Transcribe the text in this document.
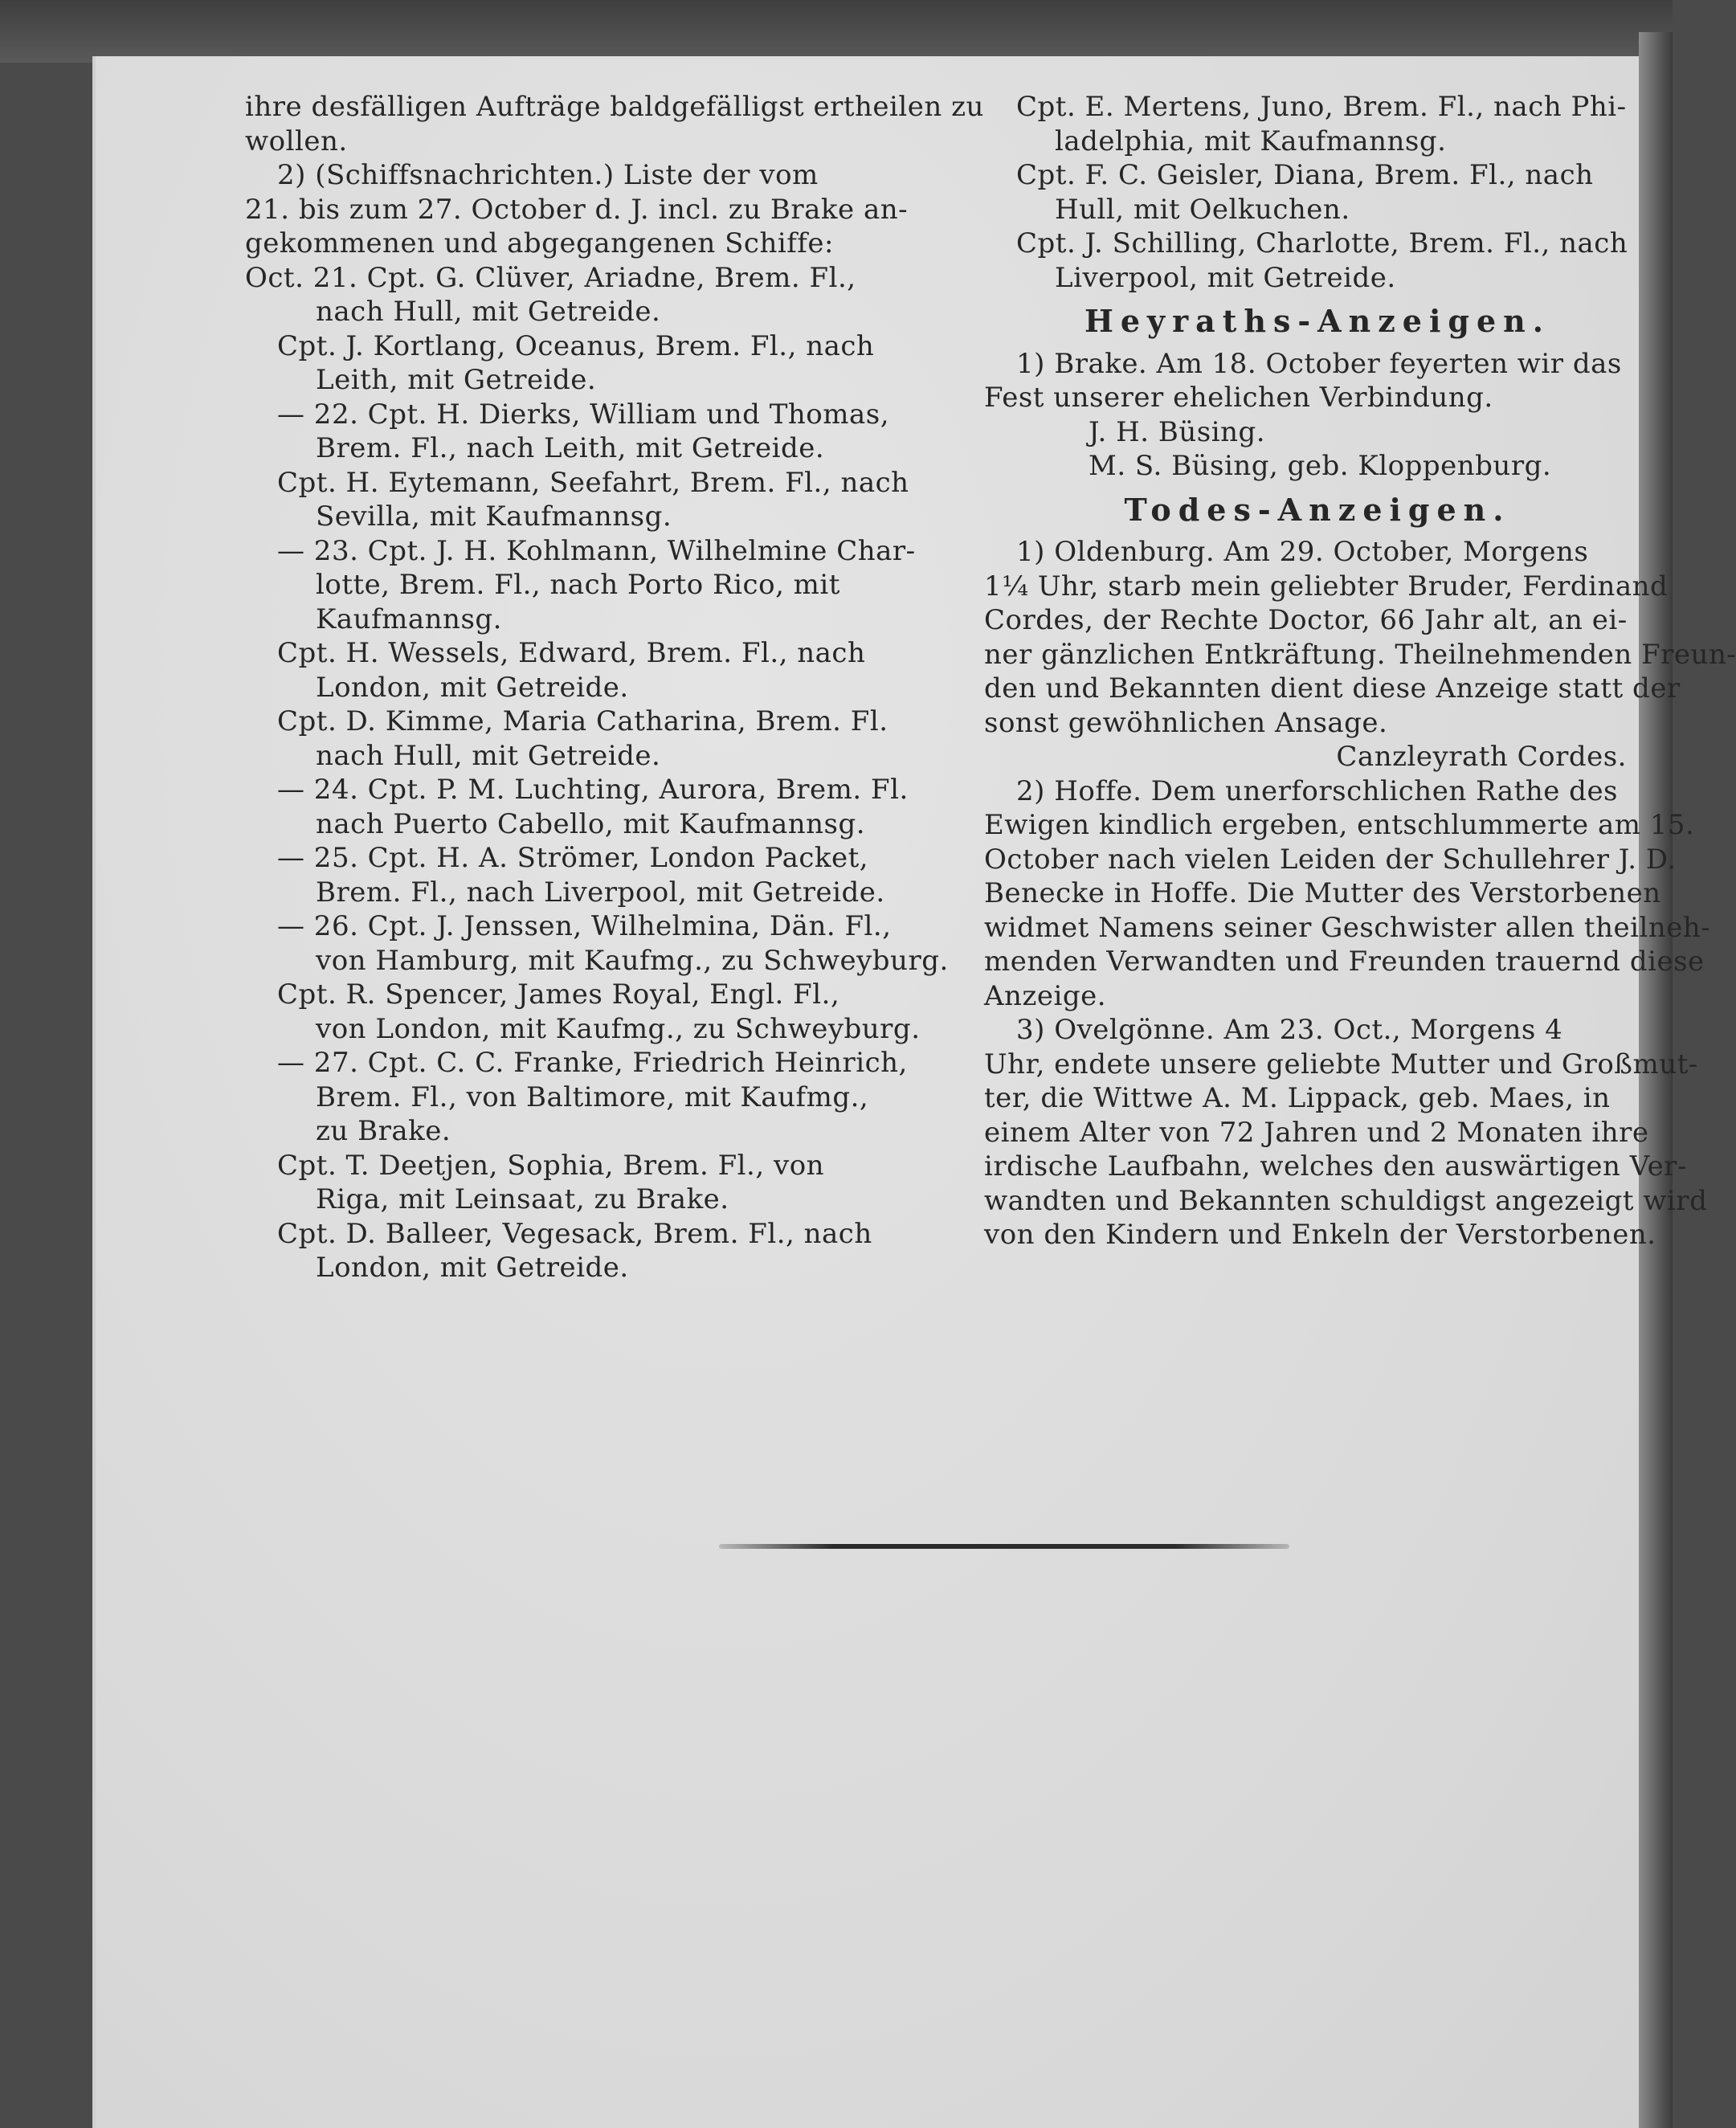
ihre desfälligen Aufträge baldgefälligst ertheilen zu
wollen.
2) (Schiffsnachrichten.) Liste der vom
21. bis zum 27. October d. J. incl. zu Brake an-
gekommenen und abgegangenen Schiffe:
Oct. 21. Cpt. G. Clüver, Ariadne, Brem. Fl.,
nach Hull, mit Getreide.
Cpt. J. Kortlang, Oceanus, Brem. Fl., nach
Leith, mit Getreide.
— 22. Cpt. H. Dierks, William und Thomas,
Brem. Fl., nach Leith, mit Getreide.
Cpt. H. Eytemann, Seefahrt, Brem. Fl., nach
Sevilla, mit Kaufmannsg.
— 23. Cpt. J. H. Kohlmann, Wilhelmine Char-
lotte, Brem. Fl., nach Porto Rico, mit
Kaufmannsg.
Cpt. H. Wessels, Edward, Brem. Fl., nach
London, mit Getreide.
Cpt. D. Kimme, Maria Catharina, Brem. Fl.
nach Hull, mit Getreide.
— 24. Cpt. P. M. Luchting, Aurora, Brem. Fl.
nach Puerto Cabello, mit Kaufmannsg.
— 25. Cpt. H. A. Strömer, London Packet,
Brem. Fl., nach Liverpool, mit Getreide.
— 26. Cpt. J. Jenssen, Wilhelmina, Dän. Fl.,
von Hamburg, mit Kaufmg., zu Schweyburg.
Cpt. R. Spencer, James Royal, Engl. Fl.,
von London, mit Kaufmg., zu Schweyburg.
— 27. Cpt. C. C. Franke, Friedrich Heinrich,
Brem. Fl., von Baltimore, mit Kaufmg.,
zu Brake.
Cpt. T. Deetjen, Sophia, Brem. Fl., von
Riga, mit Leinsaat, zu Brake.
Cpt. D. Balleer, Vegesack, Brem. Fl., nach
London, mit Getreide.
Cpt. E. Mertens, Juno, Brem. Fl., nach Phi-
ladelphia, mit Kaufmannsg.
Cpt. F. C. Geisler, Diana, Brem. Fl., nach
Hull, mit Oelkuchen.
Cpt. J. Schilling, Charlotte, Brem. Fl., nach
Liverpool, mit Getreide.
Heyraths-Anzeigen.
1) Brake. Am 18. October feyerten wir das
Fest unserer ehelichen Verbindung.
J. H. Büsing.
M. S. Büsing, geb. Kloppenburg.
Todes-Anzeigen.
1) Oldenburg. Am 29. October, Morgens
1¼ Uhr, starb mein geliebter Bruder, Ferdinand
Cordes, der Rechte Doctor, 66 Jahr alt, an ei-
ner gänzlichen Entkräftung. Theilnehmenden Freun-
den und Bekannten dient diese Anzeige statt der
sonst gewöhnlichen Ansage.
Canzleyrath Cordes.
2) Hoffe. Dem unerforschlichen Rathe des
Ewigen kindlich ergeben, entschlummerte am 15.
October nach vielen Leiden der Schullehrer J. D.
Benecke in Hoffe. Die Mutter des Verstorbenen
widmet Namens seiner Geschwister allen theilneh-
menden Verwandten und Freunden trauernd diese
Anzeige.
3) Ovelgönne. Am 23. Oct., Morgens 4
Uhr, endete unsere geliebte Mutter und Großmut-
ter, die Wittwe A. M. Lippack, geb. Maes, in
einem Alter von 72 Jahren und 2 Monaten ihre
irdische Laufbahn, welches den auswärtigen Ver-
wandten und Bekannten schuldigst angezeigt wird
von den Kindern und Enkeln der Verstorbenen.
